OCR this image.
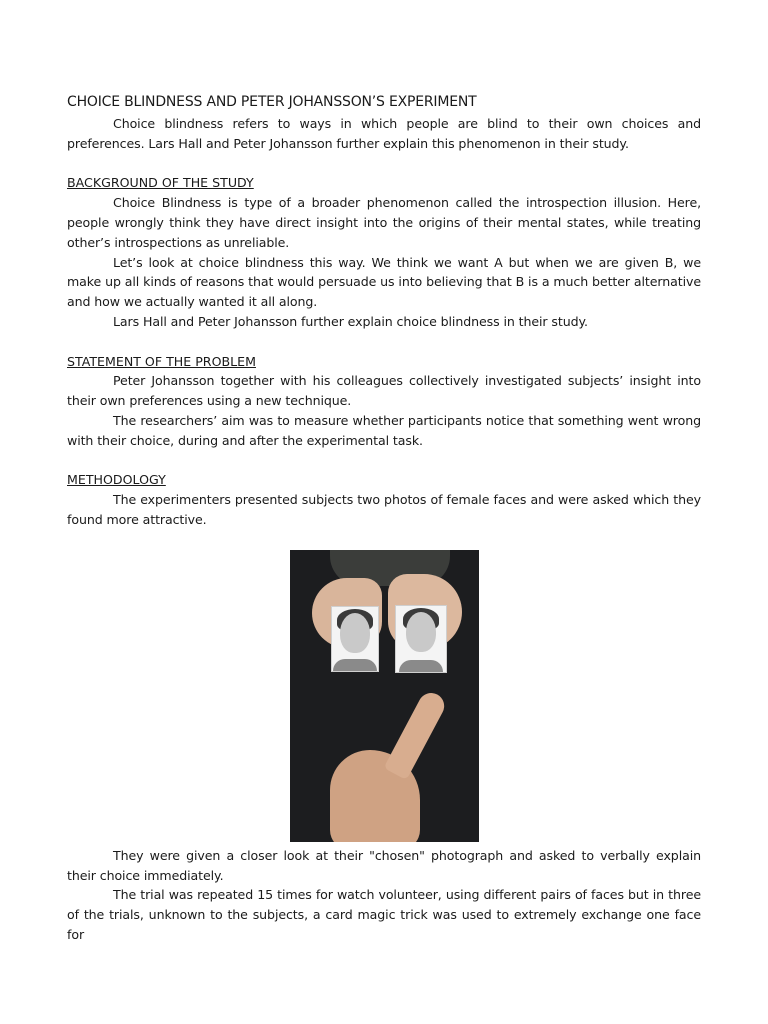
CHOICE BLINDNESS AND PETER JOHANSSON’S EXPERIMENT

Choice blindness refers to ways in which people are blind to their own choices and preferences. Lars Hall and Peter Johansson further explain this phenomenon in their study.

BACKGROUND OF THE STUDY

Choice Blindness is type of a broader phenomenon called the introspection illusion. Here, people wrongly think they have direct insight into the origins of their mental states, while treating other’s introspections as unreliable.

Let’s look at choice blindness this way. We think we want A but when we are given B, we make up all kinds of reasons that would persuade us into believing that B is a much better alternative and how we actually wanted it all along.

Lars Hall and Peter Johansson further explain choice blindness in their study.

STATEMENT OF THE PROBLEM

Peter Johansson together with his colleagues collectively investigated subjects’ insight into their own preferences using a new technique.

The researchers’ aim was to measure whether participants notice that something went wrong with their choice, during and after the experimental task.

METHODOLOGY

The experimenters presented subjects two photos of female faces and were asked which they found more attractive.

They were given a closer look at their "chosen" photograph and asked to verbally explain their choice immediately.

The trial was repeated 15 times for watch volunteer, using different pairs of faces but in three of the trials, unknown to the subjects, a card magic trick was used to extremely exchange one face for
